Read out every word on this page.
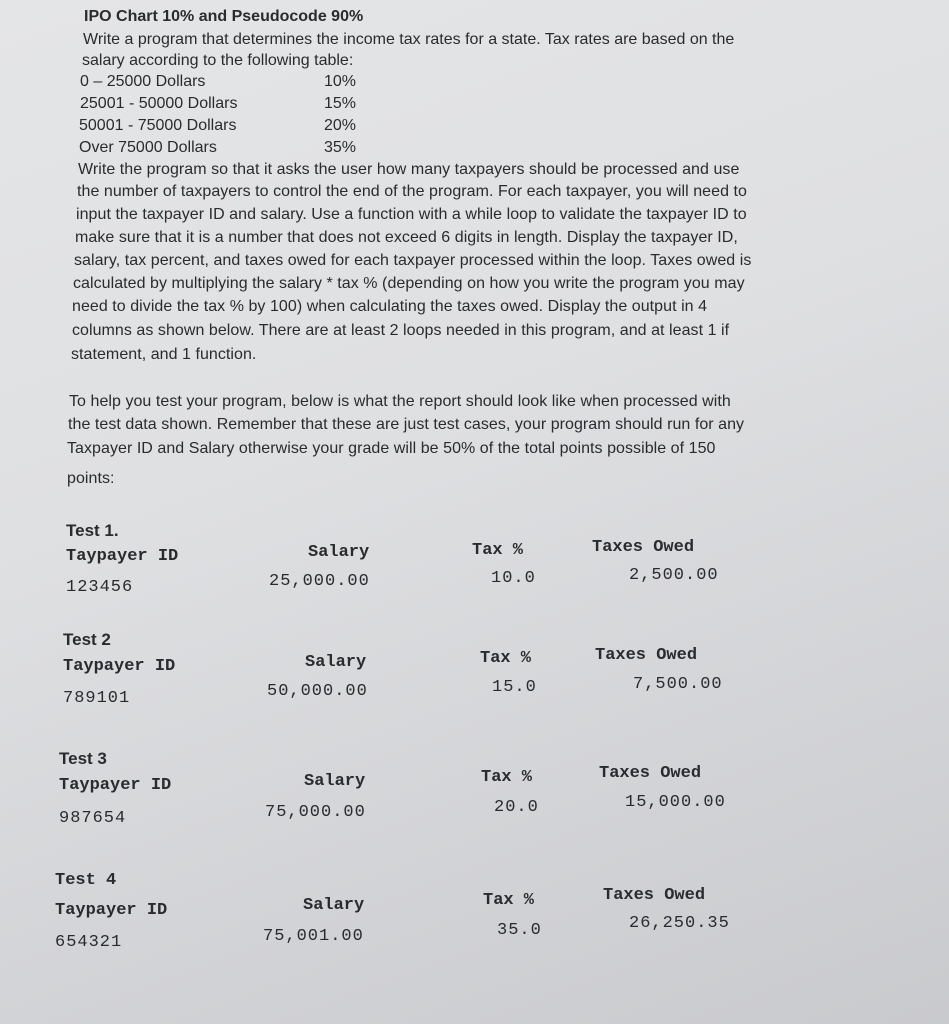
IPO Chart 10% and Pseudocode 90%
Write a program that determines the income tax rates for a state. Tax rates are based on the
salary according to the following table:
0 – 25000 Dollars	10%
25001 - 50000 Dollars	15%
50001 - 75000 Dollars	20%
Over 75000 Dollars	35%
Write the program so that it asks the user how many taxpayers should be processed and use
the number of taxpayers to control the end of the program. For each taxpayer, you will need to
input the taxpayer ID and salary. Use a function with a while loop to validate the taxpayer ID to
make sure that it is a number that does not exceed 6 digits in length. Display the taxpayer ID,
salary, tax percent, and taxes owed for each taxpayer processed within the loop. Taxes owed is
calculated by multiplying the salary * tax % (depending on how you write the program you may
need to divide the tax % by 100) when calculating the taxes owed. Display the output in 4
columns as shown below. There are at least 2 loops needed in this program, and at least 1 if
statement, and 1 function.
To help you test your program, below is what the report should look like when processed with
the test data shown. Remember that these are just test cases, your program should run for any
Taxpayer ID and Salary otherwise your grade will be 50% of the total points possible of 150
points:
Test 1.
Taypayer ID	Salary	Tax %	Taxes Owed
123456	25,000.00	10.0	2,500.00
Test 2
Taypayer ID	Salary	Tax %	Taxes Owed
789101	50,000.00	15.0	7,500.00
Test 3
Taypayer ID	Salary	Tax %	Taxes Owed
987654	75,000.00	20.0	15,000.00
Test 4
Taypayer ID	Salary	Tax %	Taxes Owed
654321	75,001.00	35.0	26,250.35
